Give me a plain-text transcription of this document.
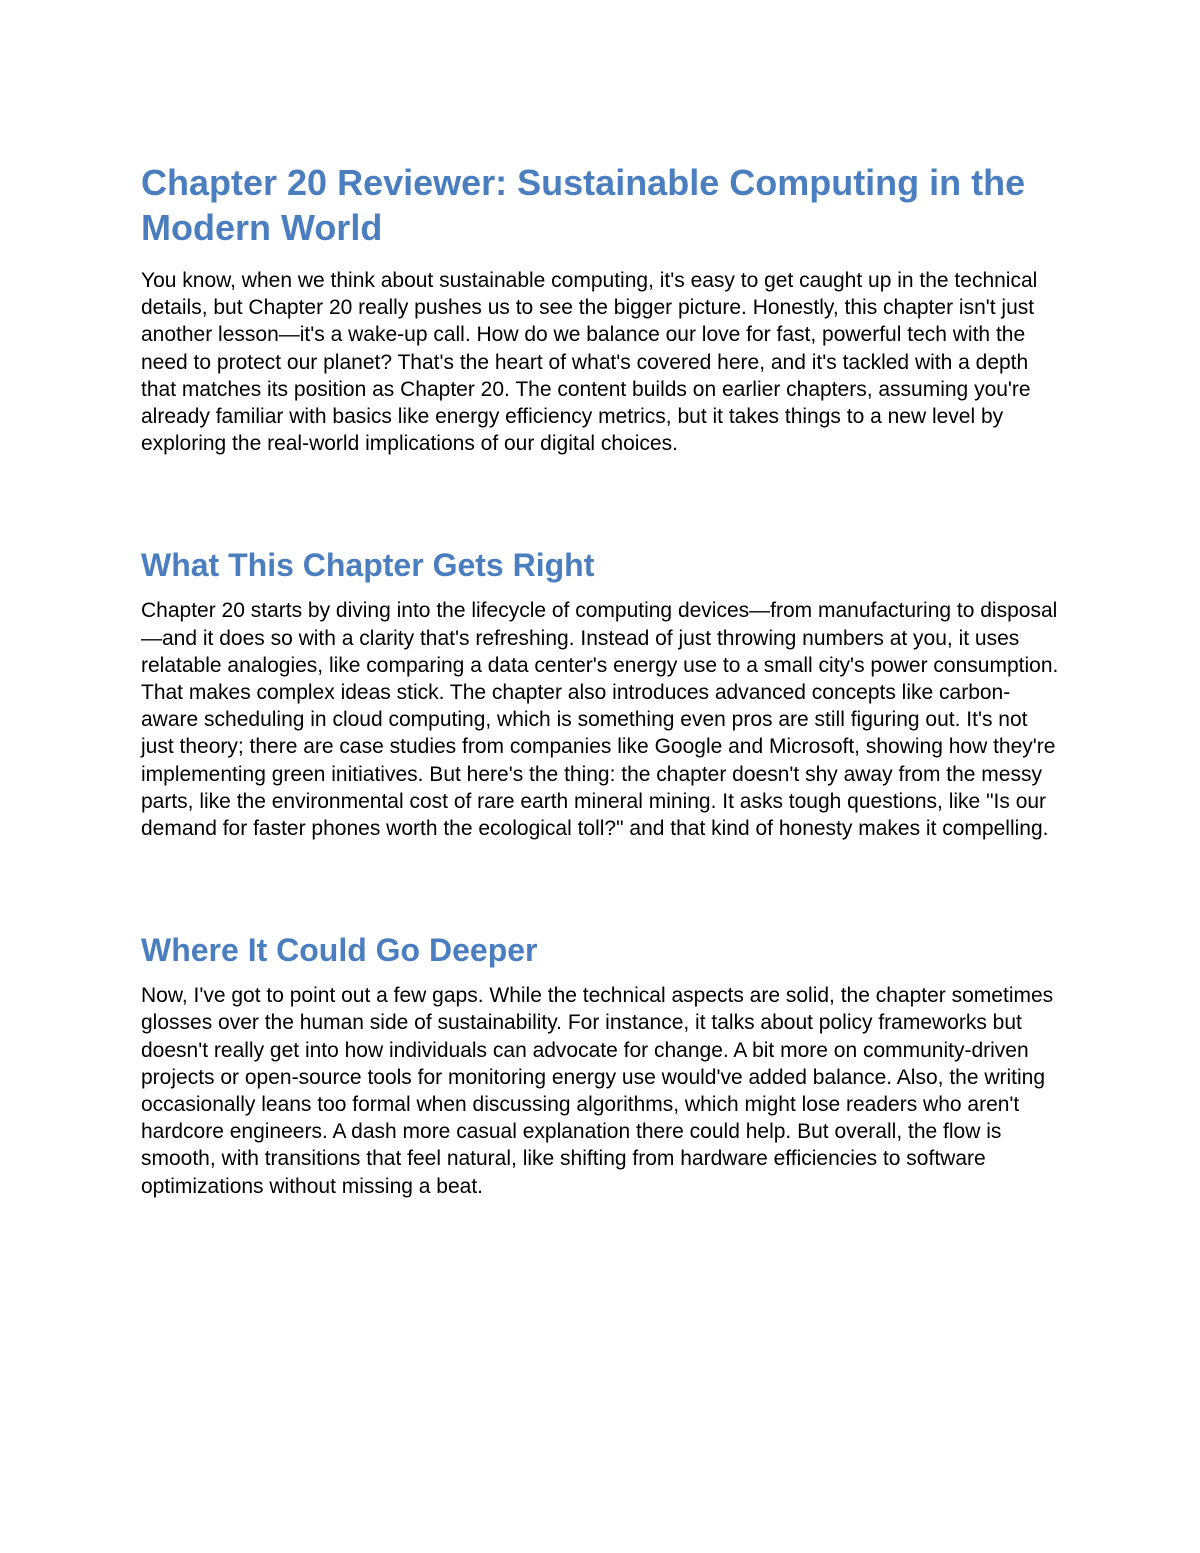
Chapter 20 Reviewer: Sustainable Computing in the Modern World

You know, when we think about sustainable computing, it's easy to get caught up in the technical details, but Chapter 20 really pushes us to see the bigger picture. Honestly, this chapter isn't just another lesson—it's a wake-up call. How do we balance our love for fast, powerful tech with the need to protect our planet? That's the heart of what's covered here, and it's tackled with a depth that matches its position as Chapter 20. The content builds on earlier chapters, assuming you're already familiar with basics like energy efficiency metrics, but it takes things to a new level by exploring the real-world implications of our digital choices.

What This Chapter Gets Right

Chapter 20 starts by diving into the lifecycle of computing devices—from manufacturing to disposal—and it does so with a clarity that's refreshing. Instead of just throwing numbers at you, it uses relatable analogies, like comparing a data center's energy use to a small city's power consumption. That makes complex ideas stick. The chapter also introduces advanced concepts like carbon-aware scheduling in cloud computing, which is something even pros are still figuring out. It's not just theory; there are case studies from companies like Google and Microsoft, showing how they're implementing green initiatives. But here's the thing: the chapter doesn't shy away from the messy parts, like the environmental cost of rare earth mineral mining. It asks tough questions, like "Is our demand for faster phones worth the ecological toll?" and that kind of honesty makes it compelling.

Where It Could Go Deeper

Now, I've got to point out a few gaps. While the technical aspects are solid, the chapter sometimes glosses over the human side of sustainability. For instance, it talks about policy frameworks but doesn't really get into how individuals can advocate for change. A bit more on community-driven projects or open-source tools for monitoring energy use would've added balance. Also, the writing occasionally leans too formal when discussing algorithms, which might lose readers who aren't hardcore engineers. A dash more casual explanation there could help. But overall, the flow is smooth, with transitions that feel natural, like shifting from hardware efficiencies to software optimizations without missing a beat.
